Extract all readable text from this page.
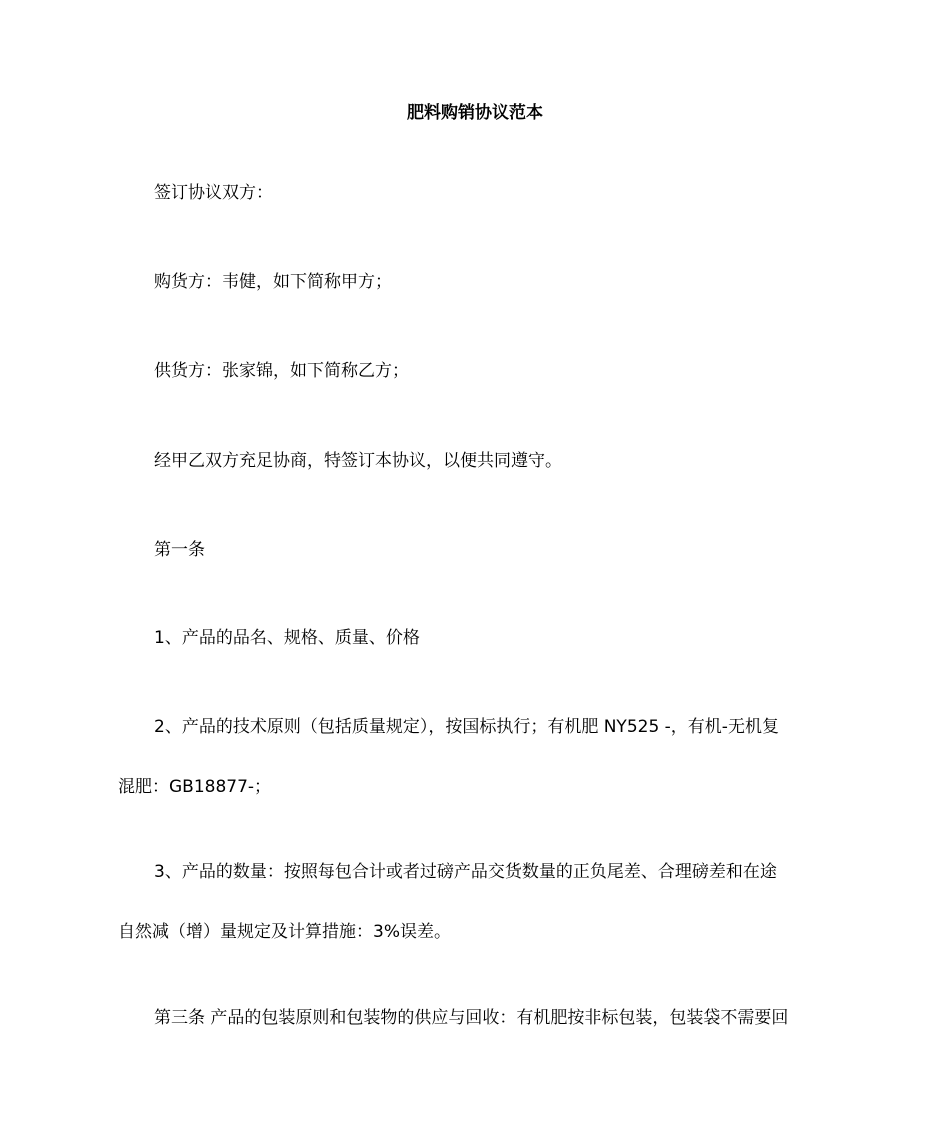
肥料购销协议范本
签订协议双方：
购货方：韦健，如下简称甲方；
供货方：张家锦，如下简称乙方；
经甲乙双方充足协商，特签订本协议，以便共同遵守。
第一条
1、产品的品名、规格、质量、价格
2、产品的技术原则（包括质量规定），按国标执行；有机肥 NY525 -，有机-无机复
混肥：GB18877-；
3、产品的数量：按照每包合计或者过磅产品交货数量的正负尾差、合理磅差和在途
自然减（增）量规定及计算措施：3%误差。
第三条 产品的包装原则和包装物的供应与回收：有机肥按非标包装，包装袋不需要回
